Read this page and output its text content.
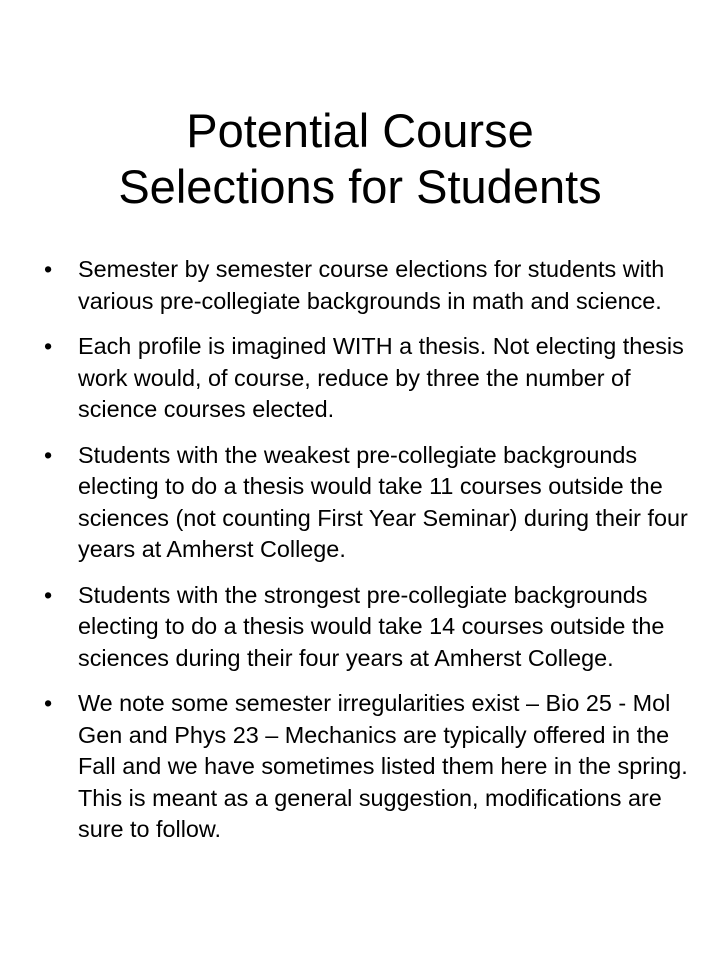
Potential Course
Selections for Students
•	Semester by semester course elections for students with various pre-collegiate backgrounds in math and science.
•	Each profile is imagined WITH a thesis. Not electing thesis work would, of course, reduce by three the number of science courses elected.
•	Students with the weakest pre-collegiate backgrounds electing to do a thesis would take 11 courses outside the sciences (not counting First Year Seminar) during their four years at Amherst College.
•	Students with the strongest pre-collegiate backgrounds electing to do a thesis would take 14 courses outside the sciences during their four years at Amherst College.
•	We note some semester irregularities exist – Bio 25 - Mol Gen and Phys 23 – Mechanics are typically offered in the Fall and we have sometimes listed them here in the spring. This is meant as a general suggestion, modifications are sure to follow.
